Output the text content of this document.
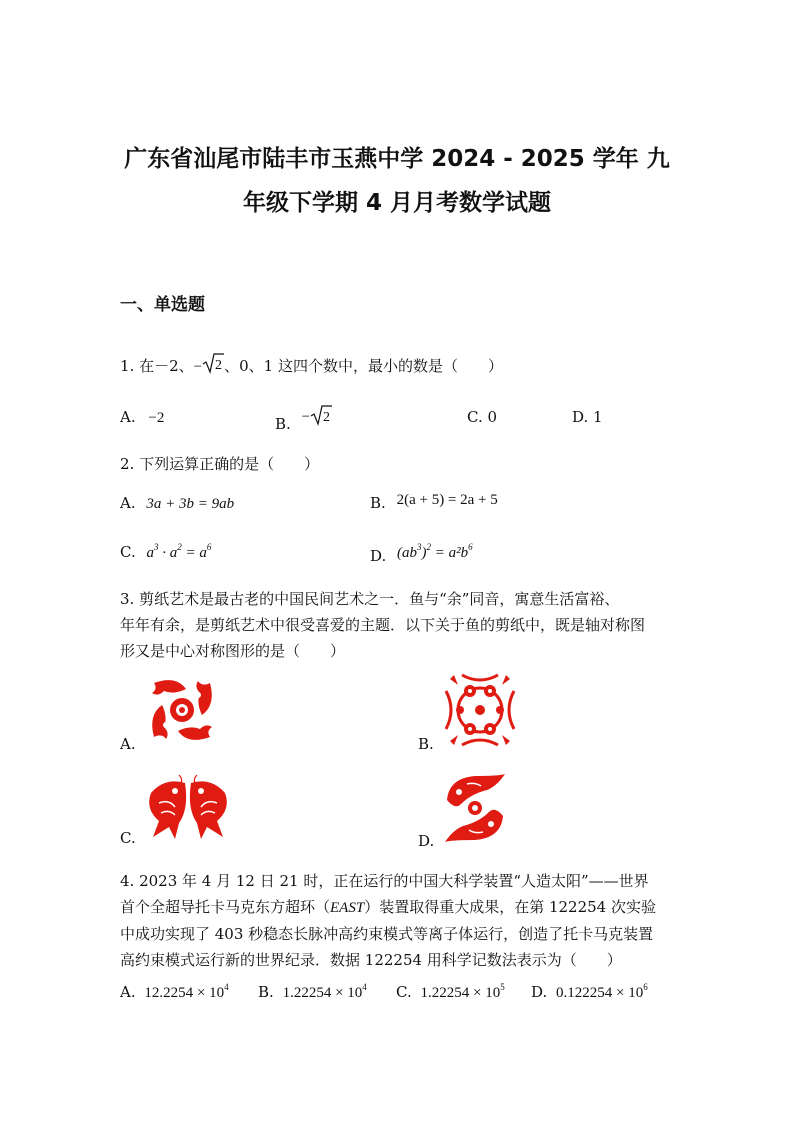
广东省汕尾市陆丰市玉燕中学 2024 - 2025 学年 九
年级下学期 4 月月考数学试题
一、单选题
1. 在－2、− 2 、0、1 这四个数中，最小的数是（　　）
A. −2	B. − 2	C. 0	D. 1
2. 下列运算正确的是（　　）
A. 3a + 3b = 9ab	B. 2(a + 5) = 2a + 5
C. $a^3 \cdot a^2 = a^6$	D. $(ab^3)^2 = a^2b^6$
3. 剪纸艺术是最古老的中国民间艺术之一．鱼与“余”同音，寓意生活富裕、
年年有余，是剪纸艺术中很受喜爱的主题．以下关于鱼的剪纸中，既是轴对称图
形又是中心对称图形的是（　　）
A.	B.
C.	D.
4. 2023 年 4 月 12 日 21 时，正在运行的中国大科学装置“人造太阳”——世界
首个全超导托卡马克东方超环（EAST）装置取得重大成果，在第 122254 次实验
中成功实现了 403 秒稳态长脉冲高约束模式等离子体运行，创造了托卡马克装置
高约束模式运行新的世界纪录．数据 122254 用科学记数法表示为（　　）
A. $12.2254 \times 10^4$ B. $1.22254 \times 10^4$ C. $1.22254 \times 10^5$ D. $0.122254 \times 10^6$
